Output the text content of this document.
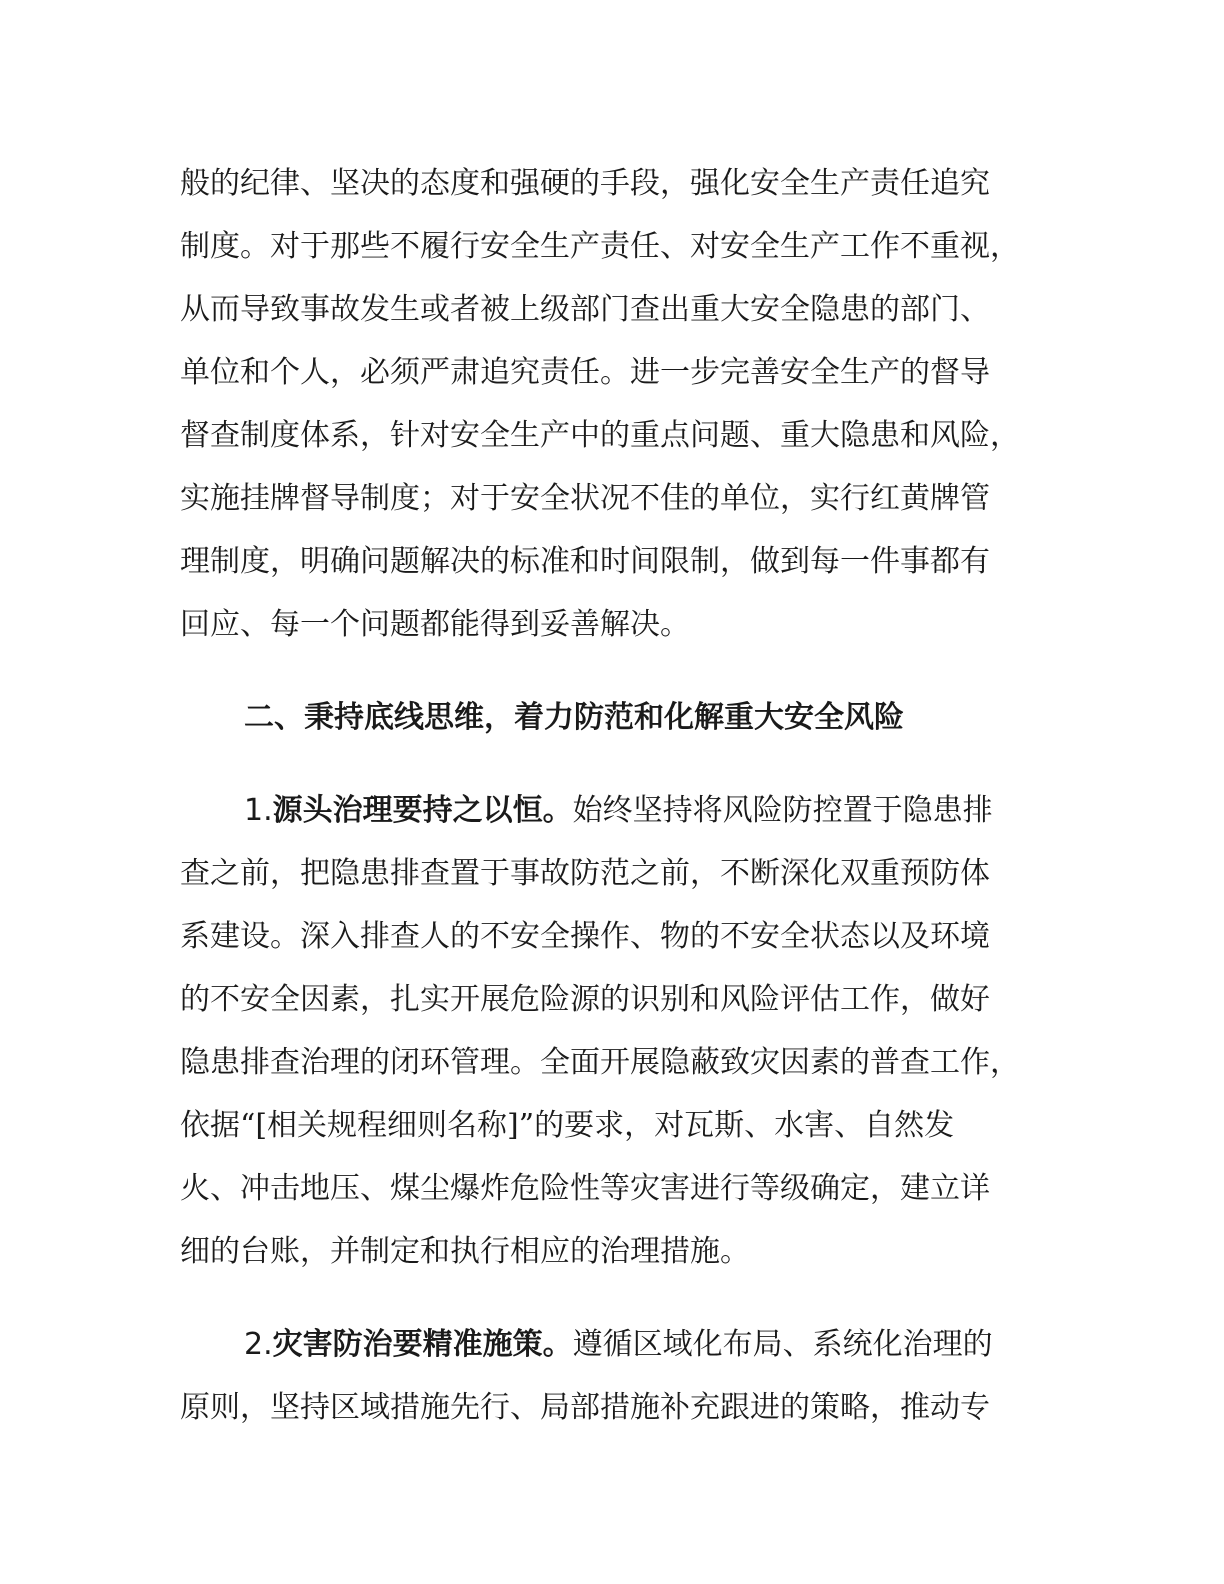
般的纪律、坚决的态度和强硬的手段，强化安全生产责任追究
制度。对于那些不履行安全生产责任、对安全生产工作不重视，
从而导致事故发生或者被上级部门查出重大安全隐患的部门、
单位和个人，必须严肃追究责任。进一步完善安全生产的督导
督查制度体系，针对安全生产中的重点问题、重大隐患和风险，
实施挂牌督导制度；对于安全状况不佳的单位，实行红黄牌管
理制度，明确问题解决的标准和时间限制，做到每一件事都有
回应、每一个问题都能得到妥善解决。
二、秉持底线思维，着力防范和化解重大安全风险
1.源头治理要持之以恒。始终坚持将风险防控置于隐患排
查之前，把隐患排查置于事故防范之前，不断深化双重预防体
系建设。深入排查人的不安全操作、物的不安全状态以及环境
的不安全因素，扎实开展危险源的识别和风险评估工作，做好
隐患排查治理的闭环管理。全面开展隐蔽致灾因素的普查工作，
依据“[相关规程细则名称]”的要求，对瓦斯、水害、自然发
火、冲击地压、煤尘爆炸危险性等灾害进行等级确定，建立详
细的台账，并制定和执行相应的治理措施。
2.灾害防治要精准施策。遵循区域化布局、系统化治理的
原则，坚持区域措施先行、局部措施补充跟进的策略，推动专
